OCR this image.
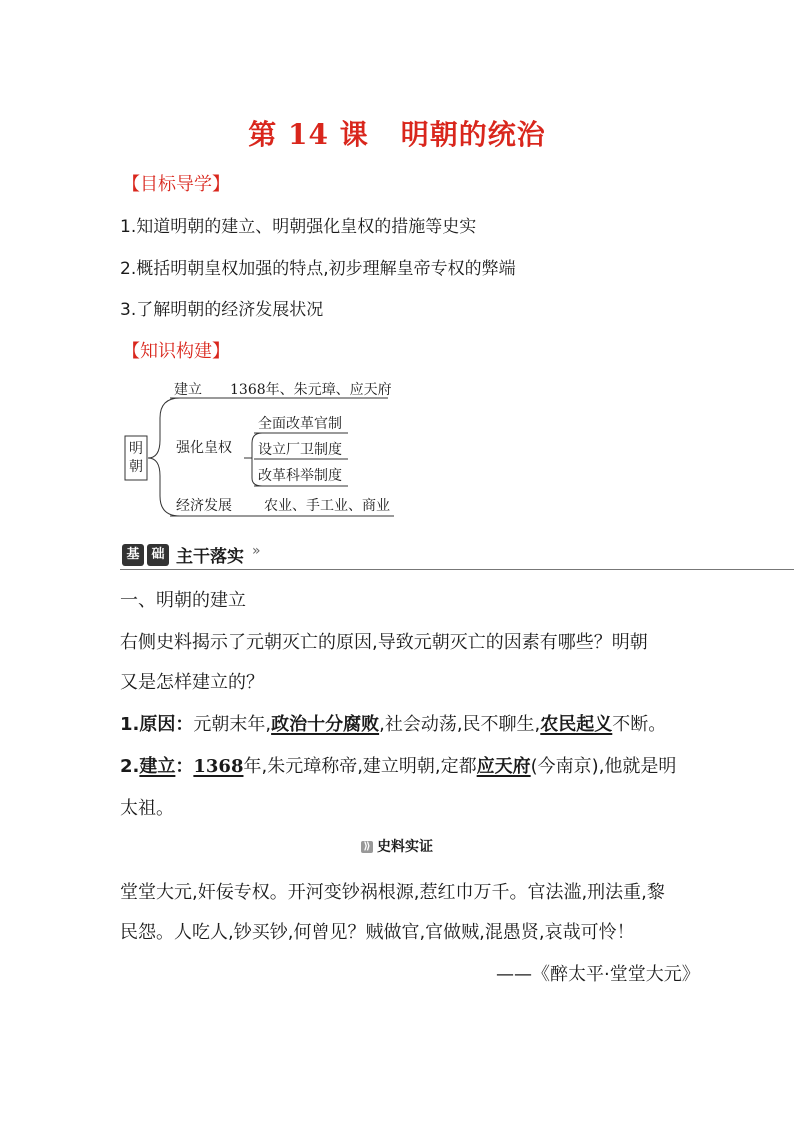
第 14 课 明朝的统治
【目标导学】
1.知道明朝的建立、明朝强化皇权的措施等史实
2.概括明朝皇权加强的特点,初步理解皇帝专权的弊端
3.了解明朝的经济发展状况
【知识构建】
明
朝
建立 1368年、朱元璋、应天府
强化皇权
全面改革官制
设立厂卫制度
改革科举制度
经济发展 农业、手工业、商业
基 础 主干落实 »
一、明朝的建立
右侧史料揭示了元朝灭亡的原因,导致元朝灭亡的因素有哪些？明朝
又是怎样建立的？
1.原因：元朝末年,政治十分腐败,社会动荡,民不聊生,农民起义不断。
2.建立：1368年,朱元璋称帝,建立明朝,定都应天府(今南京),他就是明
太祖。
⟫ 史料实证
堂堂大元,奸佞专权。开河变钞祸根源,惹红巾万千。官法滥,刑法重,黎
民怨。人吃人,钞买钞,何曾见？贼做官,官做贼,混愚贤,哀哉可怜！
——《醉太平·堂堂大元》
